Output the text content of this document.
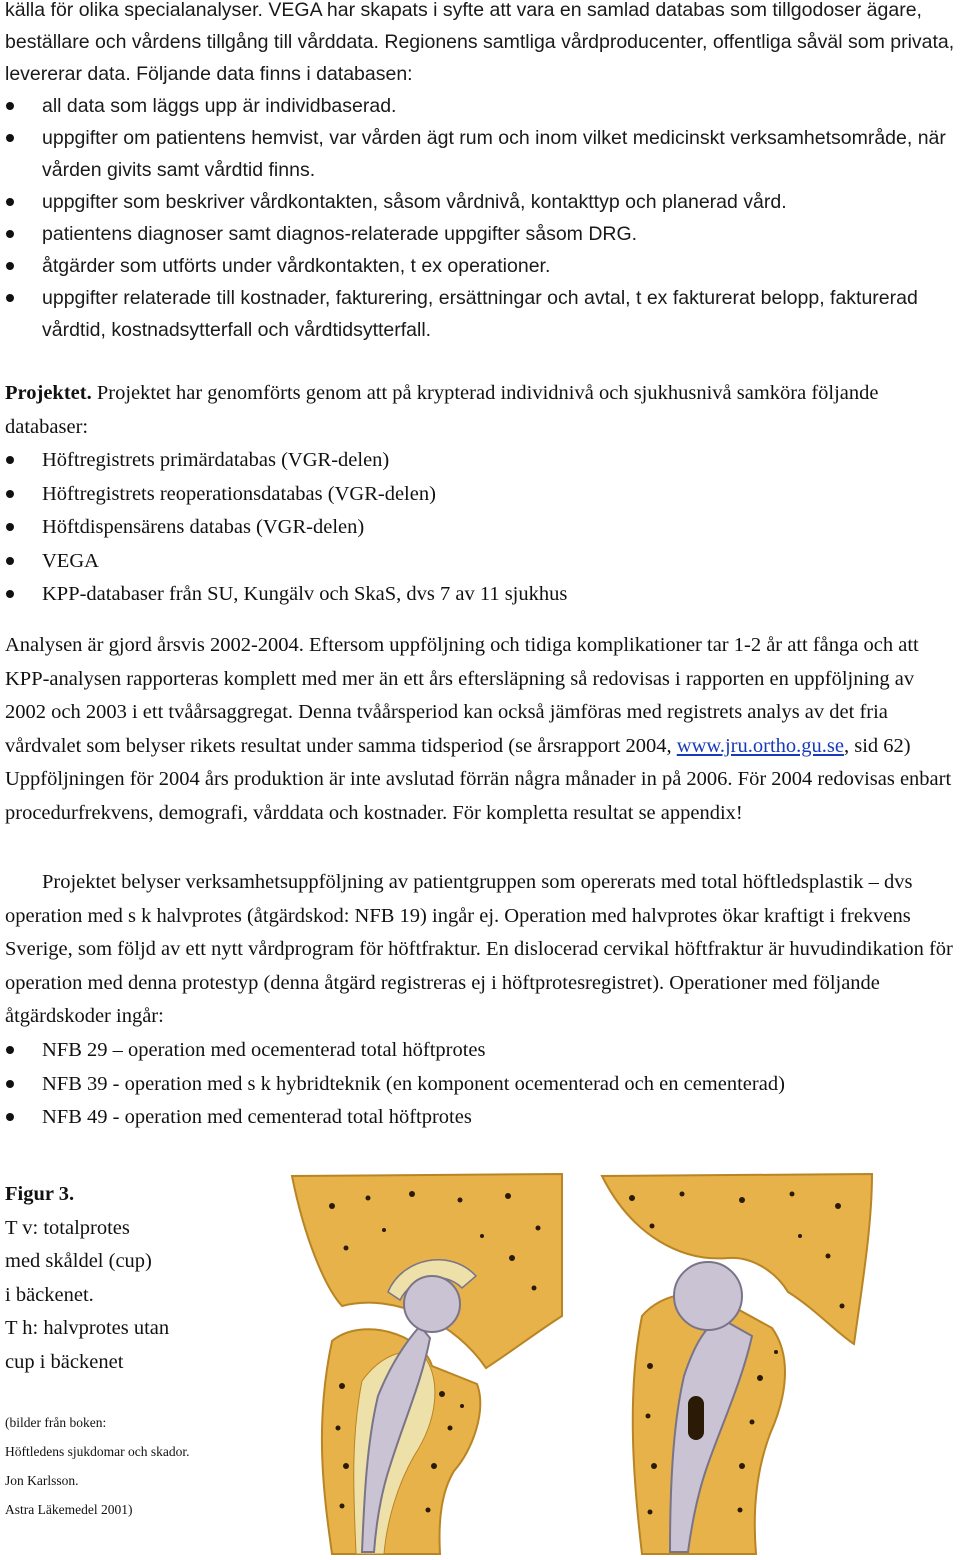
källa för olika specialanalyser. VEGA har skapats i syfte att vara en samlad databas som tillgodoser ägare, beställare och vårdens tillgång till vårddata. Regionens samtliga vårdproducenter, offentliga såväl som privata, levererar data. Följande data finns i databasen:

all data som läggs upp är individbaserad.
uppgifter om patientens hemvist, var vården ägt rum och inom vilket medicinskt verksamhetsområde, när vården givits samt vårdtid finns.
uppgifter som beskriver vårdkontakten, såsom vårdnivå, kontakttyp och planerad vård.
patientens diagnoser samt diagnos-relaterade uppgifter såsom DRG.
åtgärder som utförts under vårdkontakten, t ex operationer.
uppgifter relaterade till kostnader, fakturering, ersättningar och avtal, t ex fakturerat belopp, fakturerad vårdtid, kostnadsytterfall och vårdtidsytterfall.

Projektet. Projektet har genomförts genom att på krypterad individnivå och sjukhusnivå samköra följande databaser:

Höftregistrets primärdatabas (VGR-delen)
Höftregistrets reoperationsdatabas (VGR-delen)
Höftdispensärens databas (VGR-delen)
VEGA
KPP-databaser från SU, Kungälv och SkaS, dvs 7 av 11 sjukhus

Analysen är gjord årsvis 2002-2004. Eftersom uppföljning och tidiga komplikationer tar 1-2 år att fånga och att KPP-analysen rapporteras komplett med mer än ett års eftersläpning så redovisas i rapporten en uppföljning av 2002 och 2003 i ett tvåårsaggregat. Denna tvåårsperiod kan också jämföras med registrets analys av det fria vårdvalet som belyser rikets resultat under samma tidsperiod (se årsrapport 2004, www.jru.ortho.gu.se, sid 62) Uppföljningen för 2004 års produktion är inte avslutad förrän några månader in på 2006. För 2004 redovisas enbart procedurfrekvens, demografi, vårddata och kostnader. För kompletta resultat se appendix!

Projektet belyser verksamhetsuppföljning av patientgruppen som opererats med total höftledsplastik – dvs operation med s k halvprotes (åtgärdskod: NFB 19) ingår ej. Operation med halvprotes ökar kraftigt i frekvens Sverige, som följd av ett nytt vårdprogram för höftfraktur. En dislocerad cervikal höftfraktur är huvudindikation för operation med denna protestyp (denna åtgärd registreras ej i höftprotesregistret). Operationer med följande åtgärdskoder ingår:

NFB 29 – operation med ocementerad total höftprotes
NFB 39 - operation med s k hybridteknik (en komponent ocementerad och en cementerad)
NFB 49 - operation med cementerad total höftprotes
Figur 3.
T v: totalprotes
med skåldel (cup)
i bäckenet.
T h: halvprotes utan
cup i bäckenet
(bilder från boken:
Höftledens sjukdomar och skador.
Jon Karlsson.
Astra Läkemedel 2001)
